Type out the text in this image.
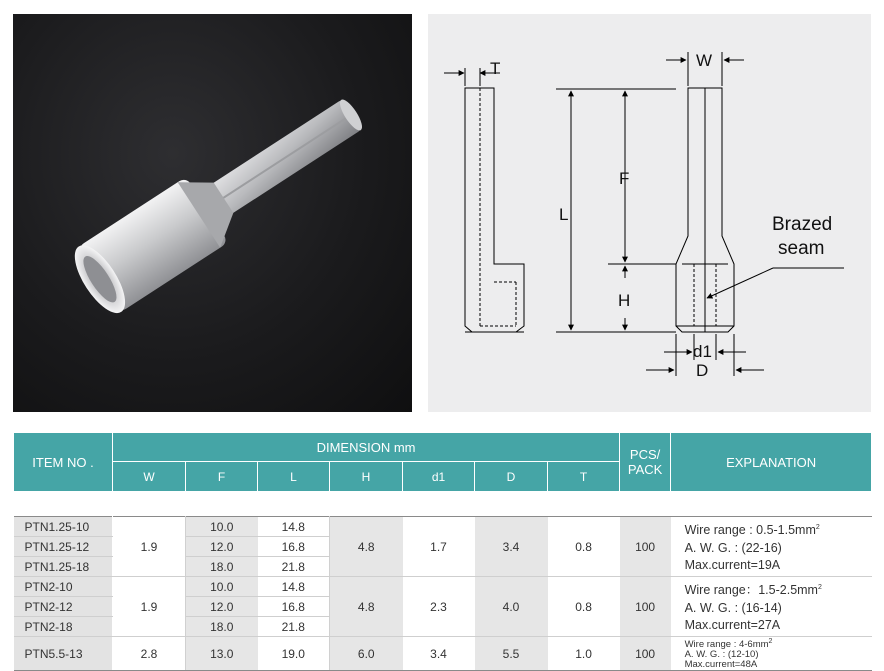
T	W
L
F
H
d1
D
Brazed
seam
ITEM NO .	DIMENSION mm							PCS/
PACK	EXPLANATION
	W	F	L	H	d1	D	T		

PTN1.25-10	1.9	10.0	14.8	4.8	1.7	3.4	0.8	100	Wire range : $0.5-1.5mm^2$
A. W. G. : (22-16)
Max.current=19A
PTN1.25-12		12.0	16.8						
PTN1.25-18		18.0	21.8						
PTN2-10	1.9	10.0	14.8	4.8	2.3	4.0	0.8	100	Wire range：$1.5-2.5mm^2$
A. W. G. : (16-14)
Max.current=27A
PTN2-12		12.0	16.8						
PTN2-18		18.0	21.8						
PTN5.5-13	2.8	13.0	19.0	6.0	3.4	5.5	1.0	100	Wire range : $4-6mm^2$
A. W. G. : (12-10)
Max.current=48A
